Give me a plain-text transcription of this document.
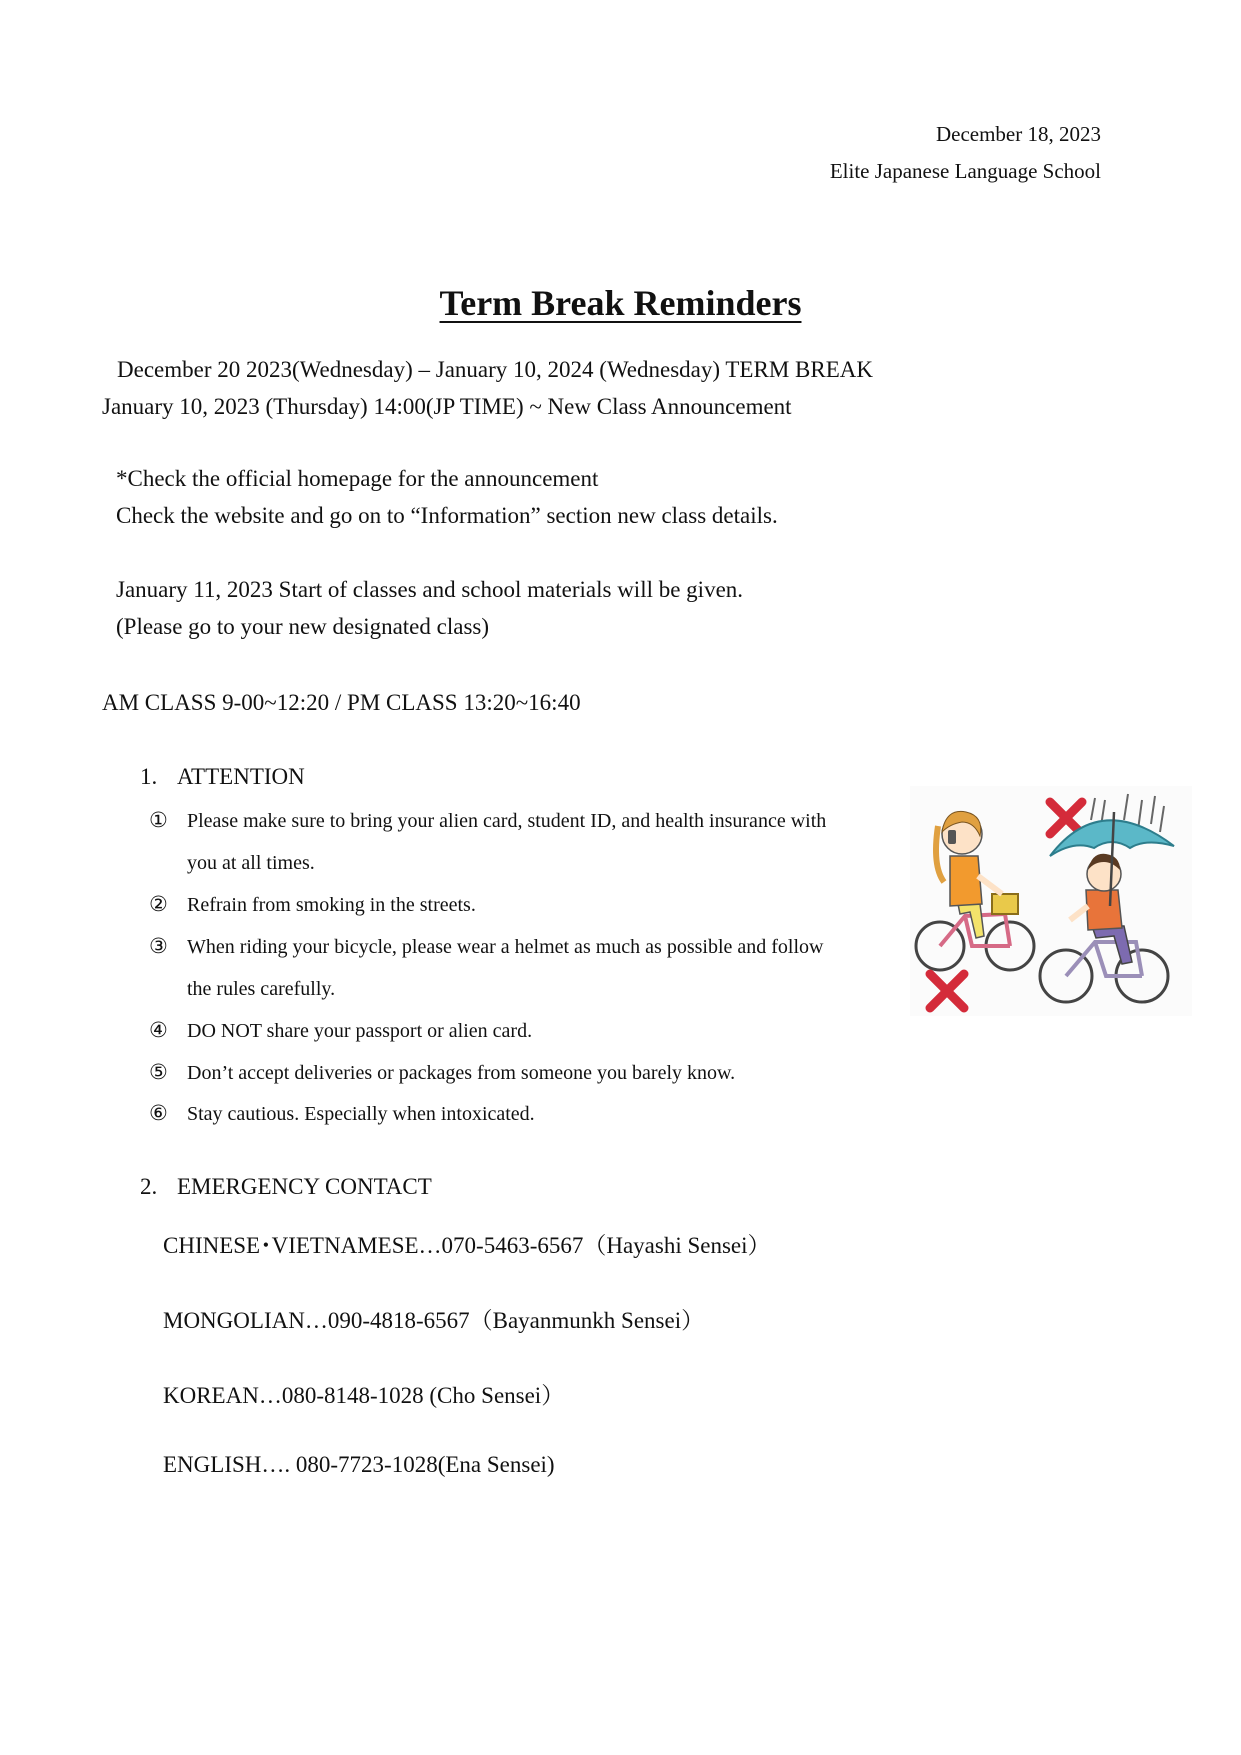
December 18, 2023
Elite Japanese Language School
Term Break Reminders
December 20 2023(Wednesday) – January 10, 2024 (Wednesday) TERM BREAK
January 10, 2023 (Thursday) 14:00(JP TIME) ~ New Class Announcement
*Check the official homepage for the announcement
Check the website and go on to “Information” section new class details.
January 11, 2023 Start of classes and school materials will be given.
(Please go to your new designated class)
AM CLASS 9-00~12:20 / PM CLASS 13:20~16:40
1. ATTENTION
① Please make sure to bring your alien card, student ID, and health insurance with
you at all times.
② Refrain from smoking in the streets.
③ When riding your bicycle, please wear a helmet as much as possible and follow
the rules carefully.
④ DO NOT share your passport or alien card.
⑤ Don’t accept deliveries or packages from someone you barely know.
⑥ Stay cautious. Especially when intoxicated.
2. EMERGENCY CONTACT
CHINESE･VIETNAMESE…070-5463-6567（Hayashi Sensei）
MONGOLIAN…090-4818-6567（Bayanmunkh Sensei）
KOREAN…080-8148-1028 (Cho Sensei）
ENGLISH…. 080-7723-1028(Ena Sensei)
